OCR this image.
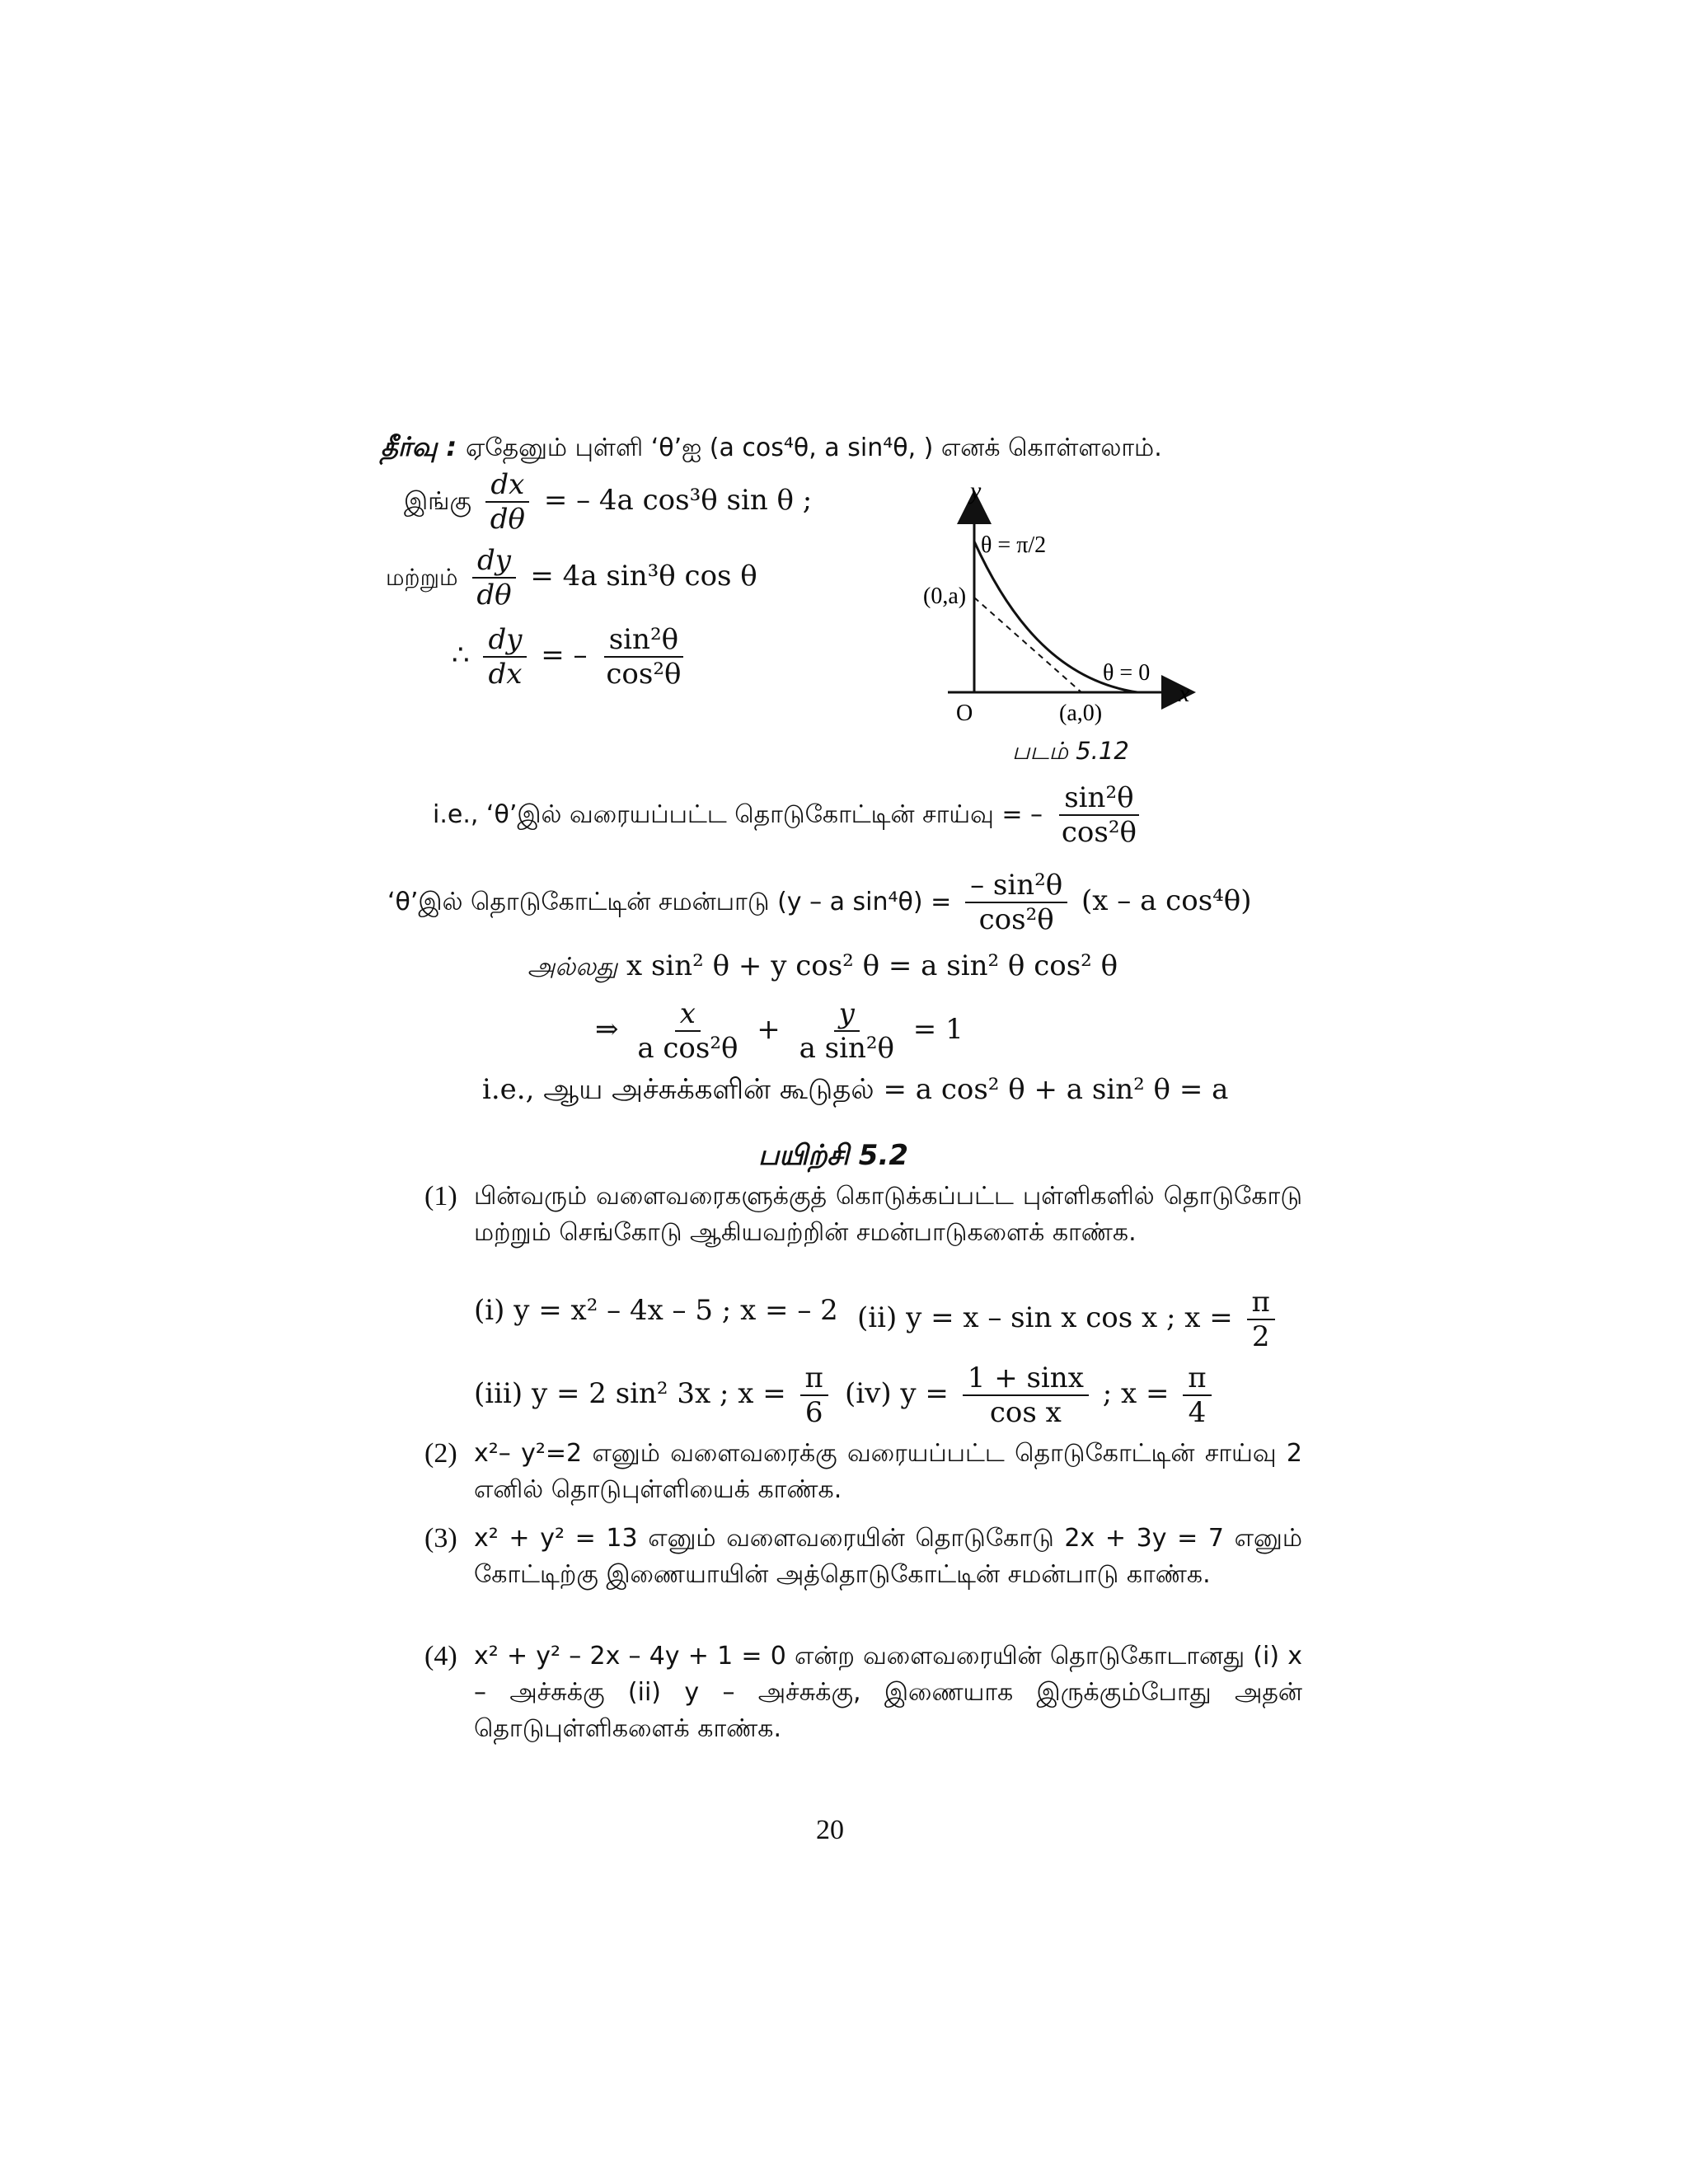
தீர்வு : ஏதேனும் புள்ளி ‘θ’ஐ (a cos⁴θ, a sin⁴θ, ) எனக் கொள்ளலாம்.
இங்கு $\frac{dx}{d\theta}$ = – 4a cos³θ sin θ ;
மற்றும் $\frac{dy}{d\theta} = 4a$ sin³θ cos θ
∴ $\frac{dy}{dx}$ = – $\frac{\text{sin²θ}}{\text{cos²θ}}$
y
x
O
(0,a)
(a,0)
θ = π/2
θ = 0
படம் 5.12
i.e., ‘θ’இல் வரையப்பட்ட தொடுகோட்டின் சாய்வு = – $\frac{\text{sin²θ}}{\text{cos²θ}}$
‘θ’இல் தொடுகோட்டின் சமன்பாடு (y – a $\sin^4\theta) = \frac{\text{– sin²θ}}{\text{cos²θ}} (x - a$ cos⁴θ)
அல்லது x sin² θ + y cos² θ = a sin² θ cos² θ
⇒ $\frac{x}{\text{a cos²θ}} + \frac{y}{\text{a sin²θ}} = 1$
i.e., ஆய அச்சுக்களின் கூடுதல் = a cos² θ + a sin² θ = a
பயிற்சி 5.2
(1) பின்வரும் வளைவரைகளுக்குத் கொடுக்கப்பட்ட புள்ளிகளில் தொடுகோடு மற்றும் செங்கோடு ஆகியவற்றின் சமன்பாடுகளைக் காண்க.
(i) y = x² – 4x – 5 ; x = – 2 (ii) y = x – sin x cos x ; $x = \frac{\pi}{2}$
(iii) y = 2 sin² 3x ; $x = \frac{\pi}{6} (iv) y = \frac{1 + \sin x}{\text{cos x}}$ ; $x = \frac{\pi}{4}$
(2) x²– y²=2 எனும் வளைவரைக்கு வரையப்பட்ட தொடுகோட்டின் சாய்வு 2 எனில் தொடுபுள்ளியைக் காண்க.
(3) x² + y² = 13 எனும் வளைவரையின் தொடுகோடு 2x + 3y = 7 எனும் கோட்டிற்கு இணையாயின் அத்தொடுகோட்டின் சமன்பாடு காண்க.
(4) x² + y² – 2x – 4y + 1 = 0 என்ற வளைவரையின் தொடுகோடானது (i) x – அச்சுக்கு (ii) y – அச்சுக்கு, இணையாக இருக்கும்போது அதன் தொடுபுள்ளிகளைக் காண்க.
20
